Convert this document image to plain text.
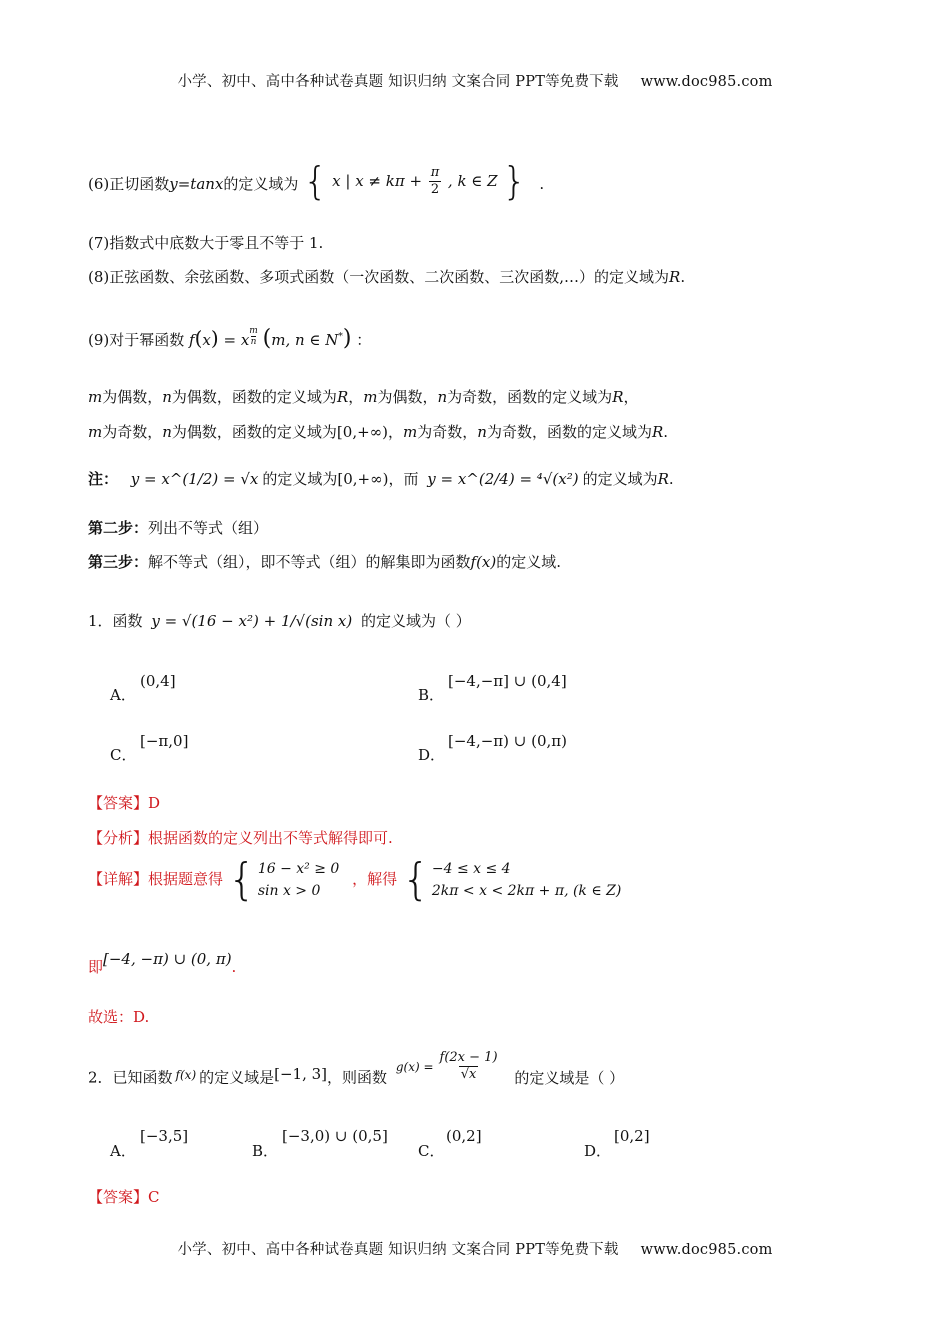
小学、初中、高中各种试卷真题 知识归纳 文案合同 PPT等免费下载 www.doc985.com
(6)正切函数y=tanx的定义域为 { x | $x \ne k\pi + \frac{\pi}{2}$ , k ∈ Z } .
(7)指数式中底数大于零且不等于 1.
(8)正弦函数、余弦函数、多项式函数（一次函数、二次函数、三次函数,…）的定义域为R.
(9)对于幂函数 f(x) = x $\frac{m}{n} (m$, n ∈ N*) ：
m为偶数，n为偶数，函数的定义域为R，m为偶数，n为奇数，函数的定义域为R，
m为奇数，n为偶数，函数的定义域为[0,+∞)，m为奇数，n为奇数，函数的定义域为R.
注： y = x^(1/2) = √x 的定义域为[0,+∞)，而 y = x^(2/4) = ⁴√(x²) 的定义域为R.
第二步：列出不等式（组）
第三步：解不等式（组），即不等式（组）的解集即为函数f(x)的定义域.
1．函数 y = √(16 − x²) + 1/√(sin x) 的定义域为（ ）
A．
(0,4]
B．
[−4,−π] ∪ (0,4]
C．
[−π,0]
D．
[−4,−π) ∪ (0,π)
【答案】D
【分析】根据函数的定义列出不等式解得即可.
【详解】根据题意得 { 16 − x² ≥ 0
sin x > 0
，解得 { −4 ≤ x ≤ 4
2kπ < x < 2kπ + π, (k ∈ Z)
即[−4, −π) ∪ (0, π).
故选：D.
2．已知函数 $^{f(x)}$ 的定义域是[−1, 3]，则函数
$g(x) = \frac{f(2x - 1)}{√x}$ 的定义域是（ ）
A．
[−3,5]
B．
[−3,0) ∪ (0,5]
C．
(0,2]
D．
[0,2]
【答案】C
小学、初中、高中各种试卷真题 知识归纳 文案合同 PPT等免费下载 www.doc985.com
